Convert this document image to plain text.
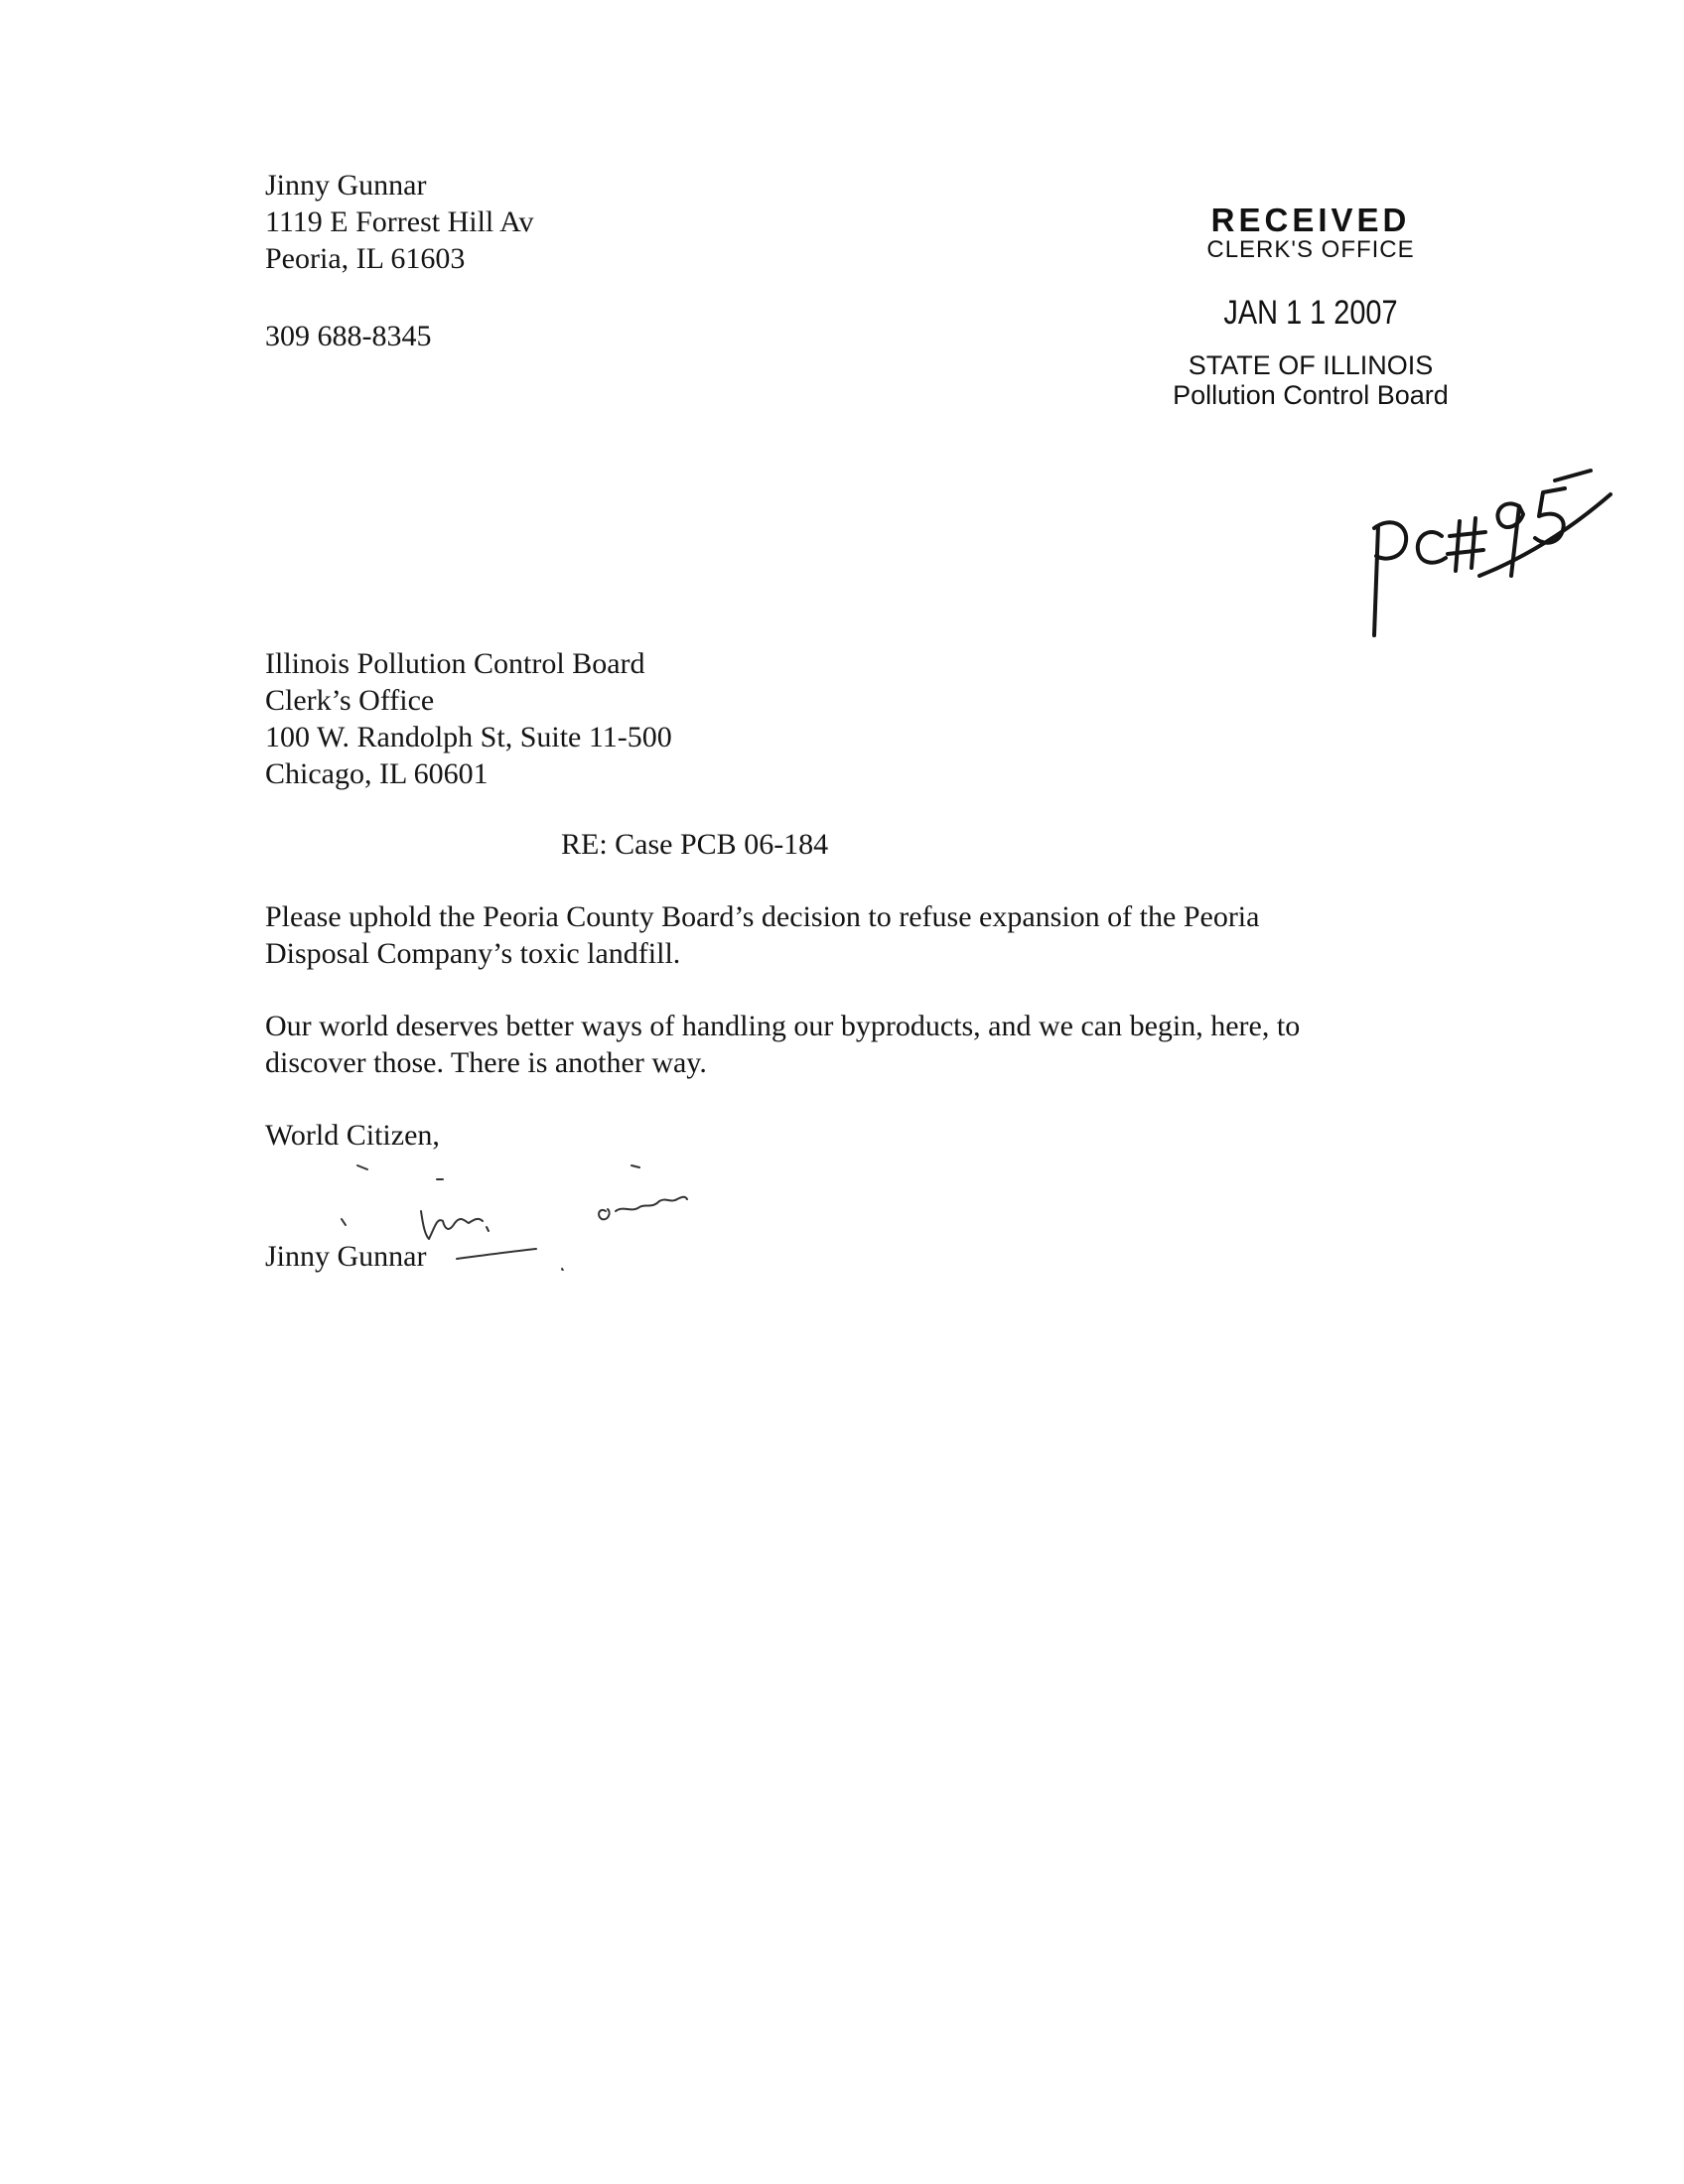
Jinny Gunnar
1119 E Forrest Hill Av
Peoria, IL 61603
309 688-8345
RECEIVED
CLERK'S OFFICE
JAN 1 1 2007
STATE OF ILLINOIS
Pollution Control Board
Illinois Pollution Control Board
Clerk’s Office
100 W. Randolph St, Suite 11-500
Chicago, IL 60601
RE: Case PCB 06-184
Please uphold the Peoria County Board’s decision to refuse expansion of the Peoria
Disposal Company’s toxic landfill.
Our world deserves better ways of handling our byproducts, and we can begin, here, to
discover those. There is another way.
World Citizen,
Jinny Gunnar
